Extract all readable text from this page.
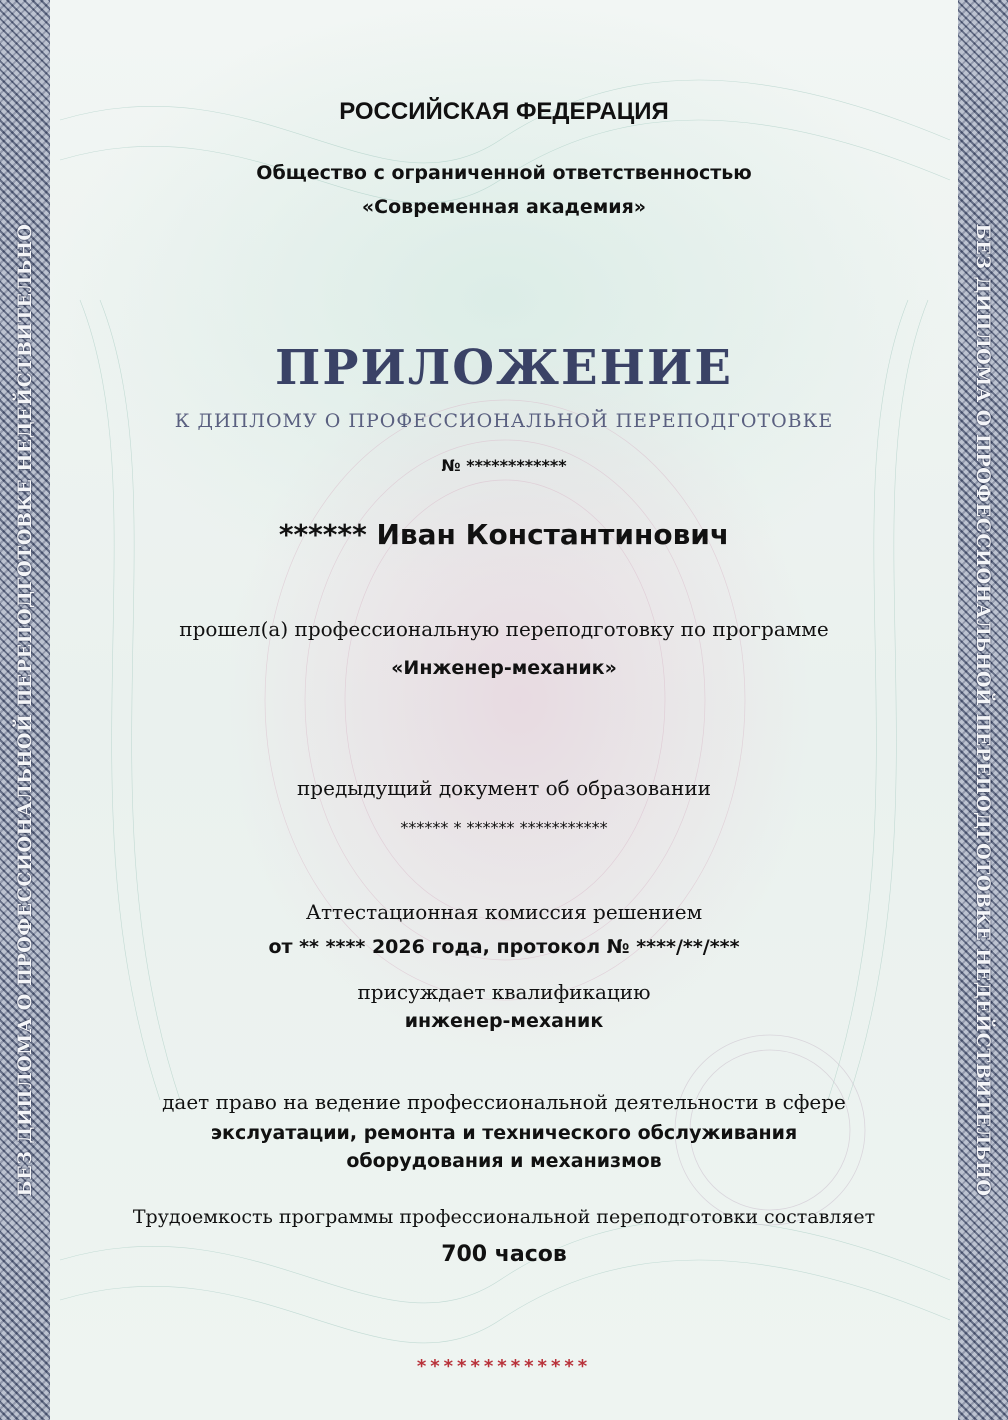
БЕЗ ДИПЛОМА О ПРОФЕССИОНАЛЬНОЙ ПЕРЕПОДГОТОВКЕ НЕДЕЙСТВИТЕЛЬНО	БЕЗ ДИПЛОМА О ПРОФЕССИОНАЛЬНОЙ ПЕРЕПОДГОТОВКЕ НЕДЕЙСТВИТЕЛЬНО
РОССИЙСКАЯ ФЕДЕРАЦИЯ
Общество с ограниченной ответственностью
«Современная академия»
ПРИЛОЖЕНИЕ
К ДИПЛОМУ О ПРОФЕССИОНАЛЬНОЙ ПЕРЕПОДГОТОВКЕ
№ ************
****** Иван Константинович
прошел(а) профессиональную переподготовку по программе
«Инженер-механик»
предыдущий документ об образовании
****** * ****** ***********
Аттестационная комиссия решением
от ** **** 2026 года, протокол № ****/**/***
присуждает квалификацию
инженер-механик
дает право на ведение профессиональной деятельности в сфере
экслуатации, ремонта и технического обслуживания
оборудования и механизмов
Трудоемкость программы профессиональной переподготовки составляет
700 часов
*************
